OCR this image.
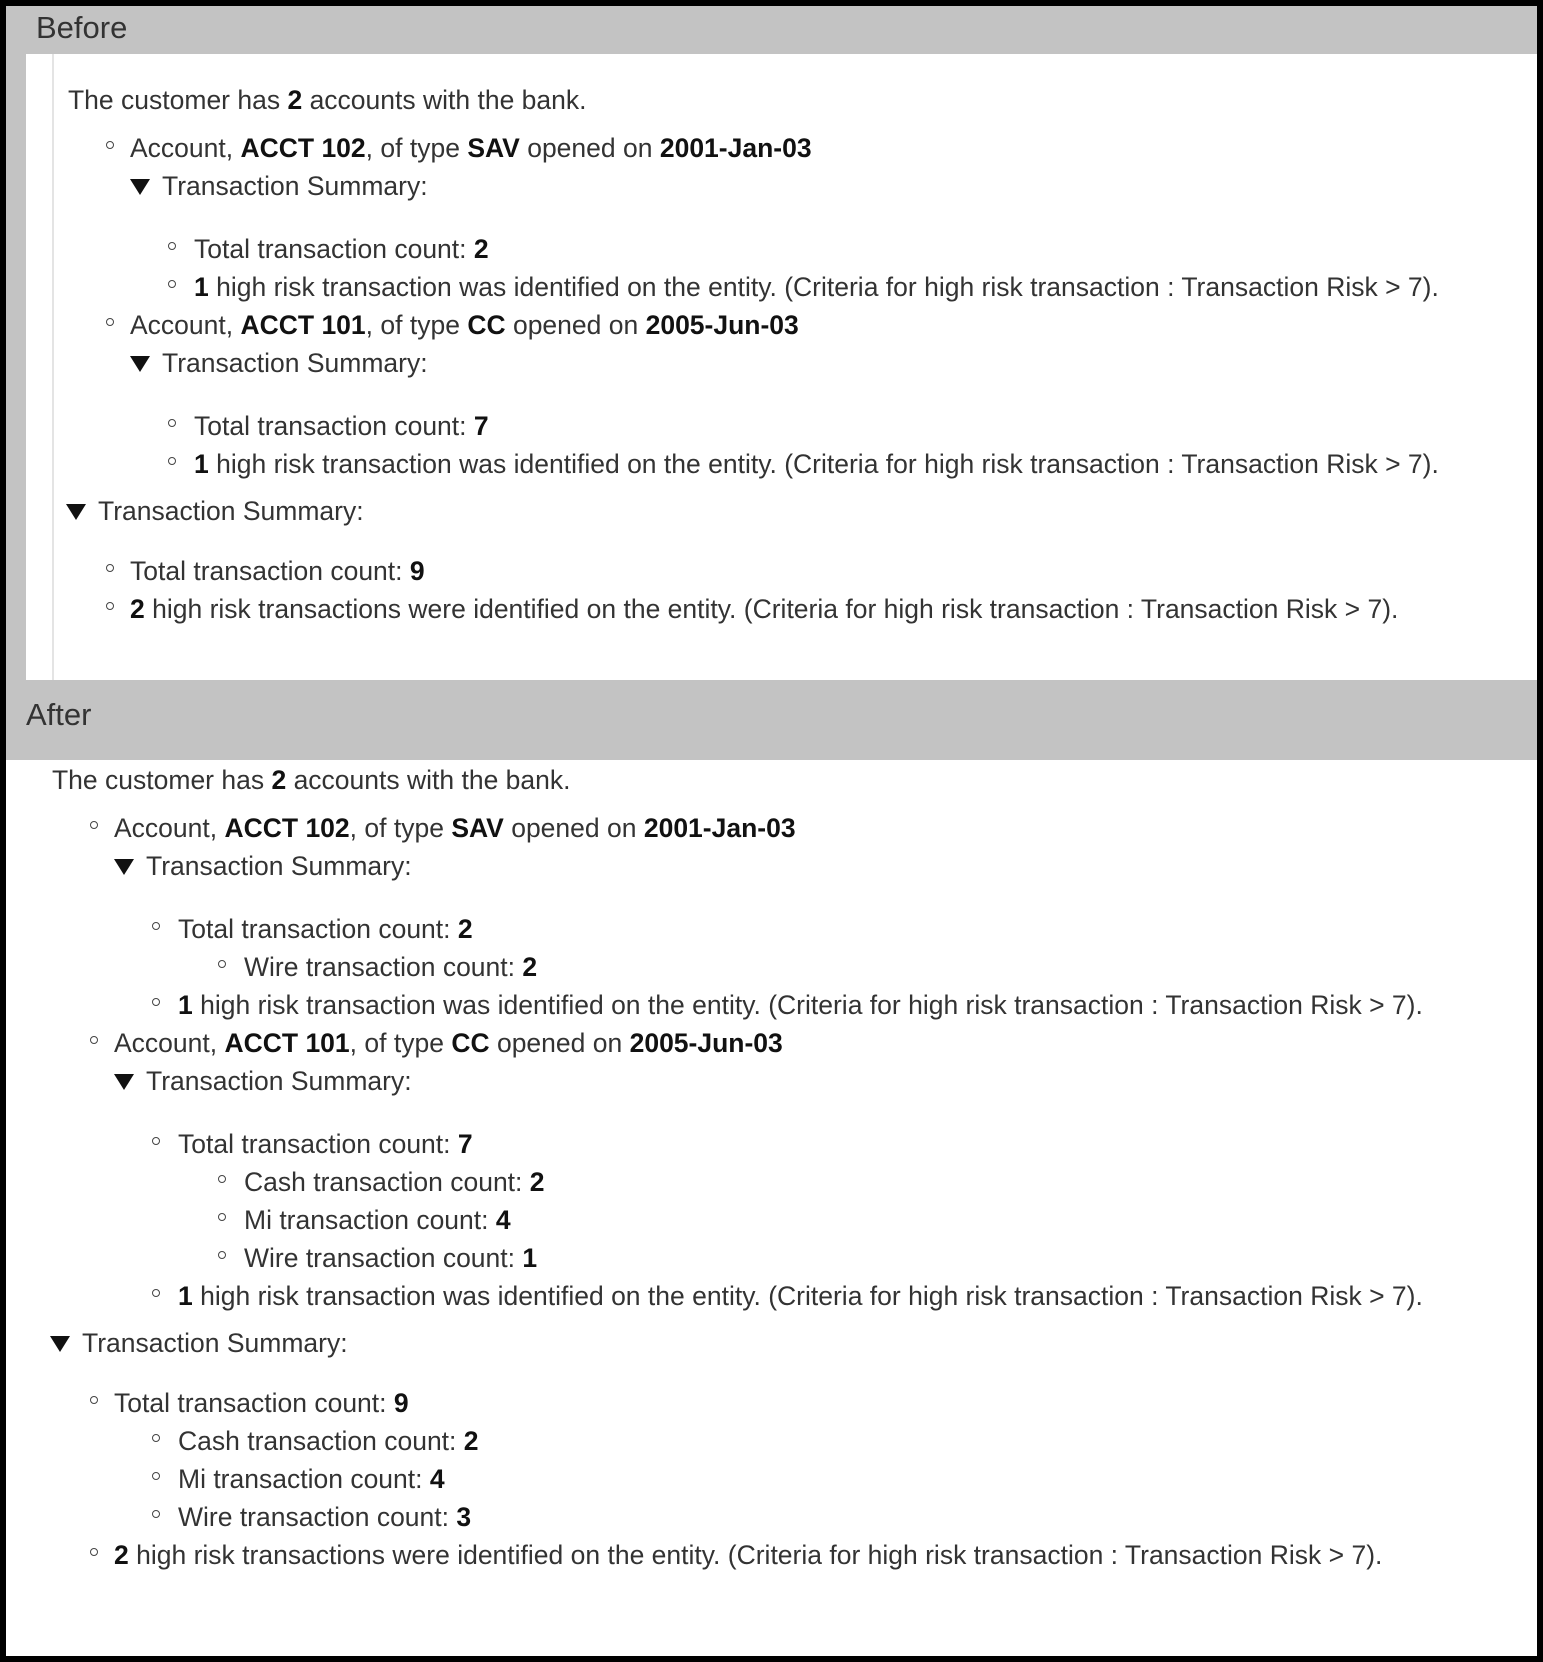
Before
The customer has 2 accounts with the bank.
Account, ACCT 102, of type SAV opened on 2001-Jan-03
Transaction Summary:
Total transaction count: 2
1 high risk transaction was identified on the entity. (Criteria for high risk transaction : Transaction Risk > 7).
Account, ACCT 101, of type CC opened on 2005-Jun-03
Transaction Summary:
Total transaction count: 7
1 high risk transaction was identified on the entity. (Criteria for high risk transaction : Transaction Risk > 7).
Transaction Summary:
Total transaction count: 9
2 high risk transactions were identified on the entity. (Criteria for high risk transaction : Transaction Risk > 7).
After
The customer has 2 accounts with the bank.
Account, ACCT 102, of type SAV opened on 2001-Jan-03
Transaction Summary:
Total transaction count: 2
Wire transaction count: 2
1 high risk transaction was identified on the entity. (Criteria for high risk transaction : Transaction Risk > 7).
Account, ACCT 101, of type CC opened on 2005-Jun-03
Transaction Summary:
Total transaction count: 7
Cash transaction count: 2
Mi transaction count: 4
Wire transaction count: 1
1 high risk transaction was identified on the entity. (Criteria for high risk transaction : Transaction Risk > 7).
Transaction Summary:
Total transaction count: 9
Cash transaction count: 2
Mi transaction count: 4
Wire transaction count: 3
2 high risk transactions were identified on the entity. (Criteria for high risk transaction : Transaction Risk > 7).
